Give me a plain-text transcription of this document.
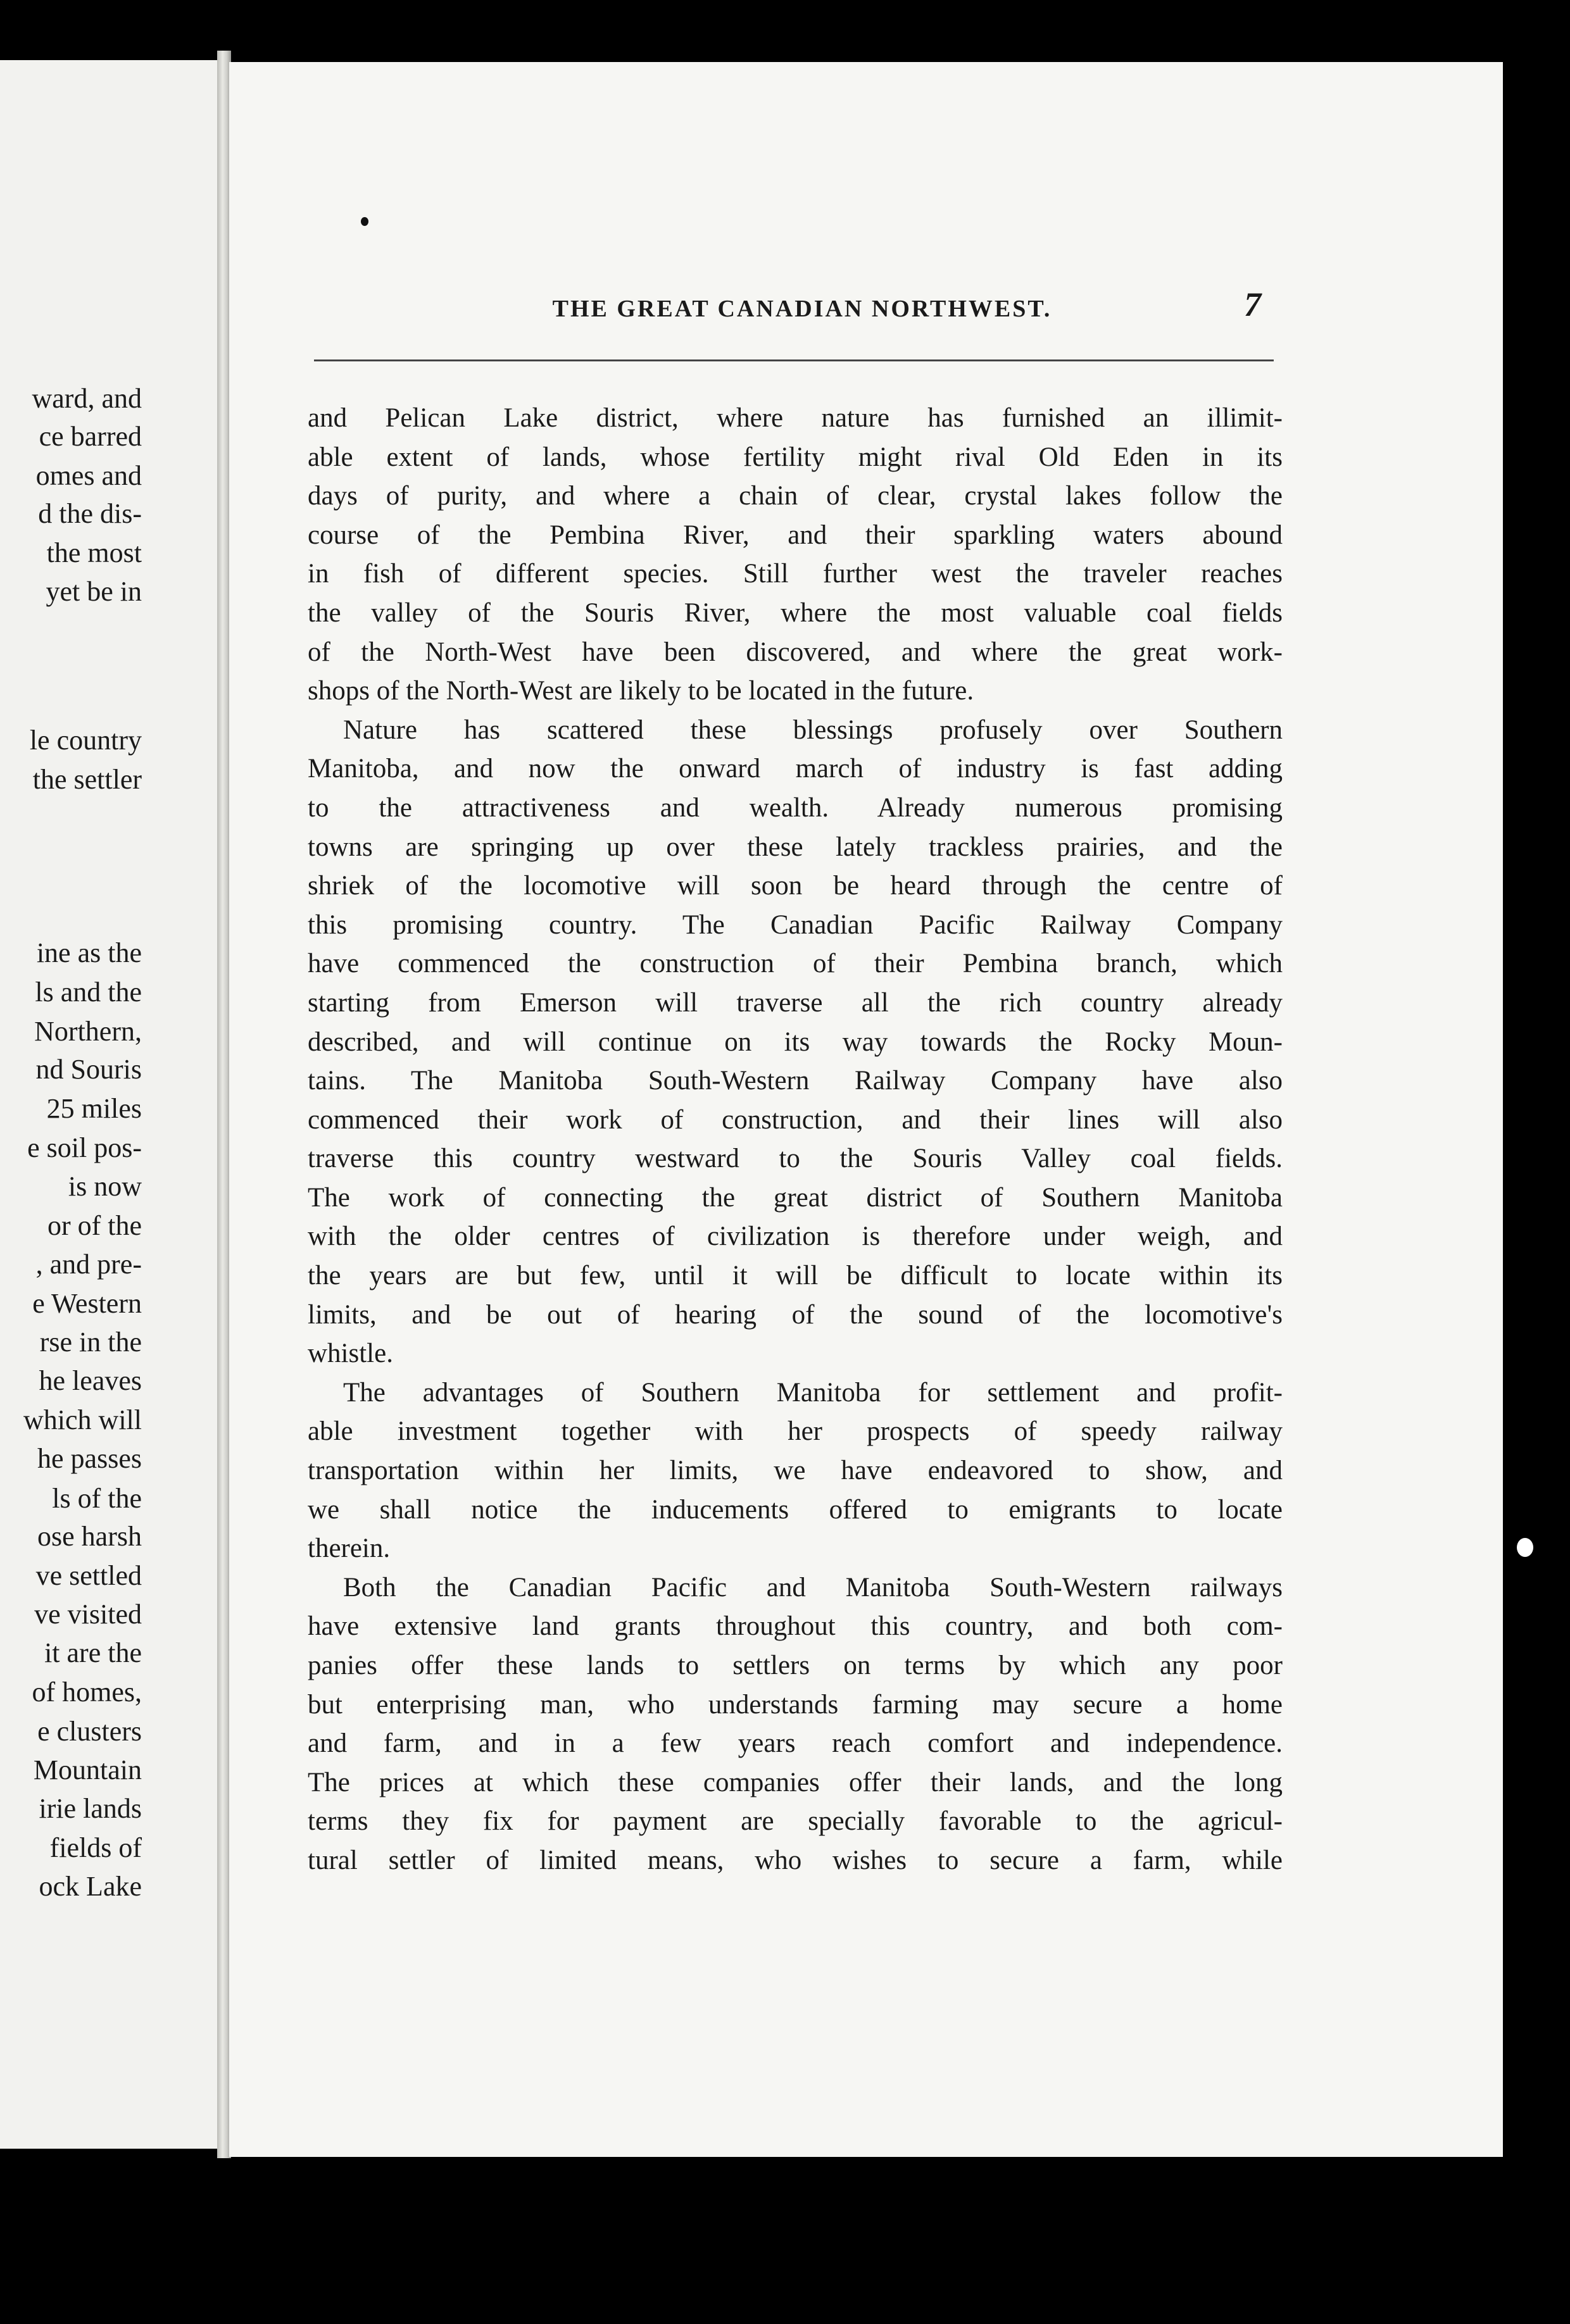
ward, and
ce barred
omes and
d the dis-
the most
yet be in
le country
the settler
ine as the
ls and the
Northern,
nd Souris
25 miles
e soil pos-
is now
or of the
, and pre-
e Western
rse in the
he leaves
which will
he passes
ls of the
ose harsh
ve settled
ve visited
it are the
of homes,
e clusters
Mountain
irie lands
fields of
ock Lake
THE GREAT CANADIAN NORTHWEST.	7
and Pelican Lake district, where nature has furnished an illimit-
able extent of lands, whose fertility might rival Old Eden in its
days of purity, and where a chain of clear, crystal lakes follow the
course of the Pembina River, and their sparkling waters abound
in fish of different species. Still further west the traveler reaches
the valley of the Souris River, where the most valuable coal fields
of the North-West have been discovered, and where the great work-
shops of the North-West are likely to be located in the future.
Nature has scattered these blessings profusely over Southern
Manitoba, and now the onward march of industry is fast adding
to the attractiveness and wealth. Already numerous promising
towns are springing up over these lately trackless prairies, and the
shriek of the locomotive will soon be heard through the centre of
this promising country. The Canadian Pacific Railway Company
have commenced the construction of their Pembina branch, which
starting from Emerson will traverse all the rich country already
described, and will continue on its way towards the Rocky Moun-
tains. The Manitoba South-Western Railway Company have also
commenced their work of construction, and their lines will also
traverse this country westward to the Souris Valley coal fields.
The work of connecting the great district of Southern Manitoba
with the older centres of civilization is therefore under weigh, and
the years are but few, until it will be difficult to locate within its
limits, and be out of hearing of the sound of the locomotive's
whistle.
The advantages of Southern Manitoba for settlement and profit-
able investment together with her prospects of speedy railway
transportation within her limits, we have endeavored to show, and
we shall notice the inducements offered to emigrants to locate
therein.
Both the Canadian Pacific and Manitoba South-Western railways
have extensive land grants throughout this country, and both com-
panies offer these lands to settlers on terms by which any poor
but enterprising man, who understands farming may secure a home
and farm, and in a few years reach comfort and independence.
The prices at which these companies offer their lands, and the long
terms they fix for payment are specially favorable to the agricul-
tural settler of limited means, who wishes to secure a farm, while
